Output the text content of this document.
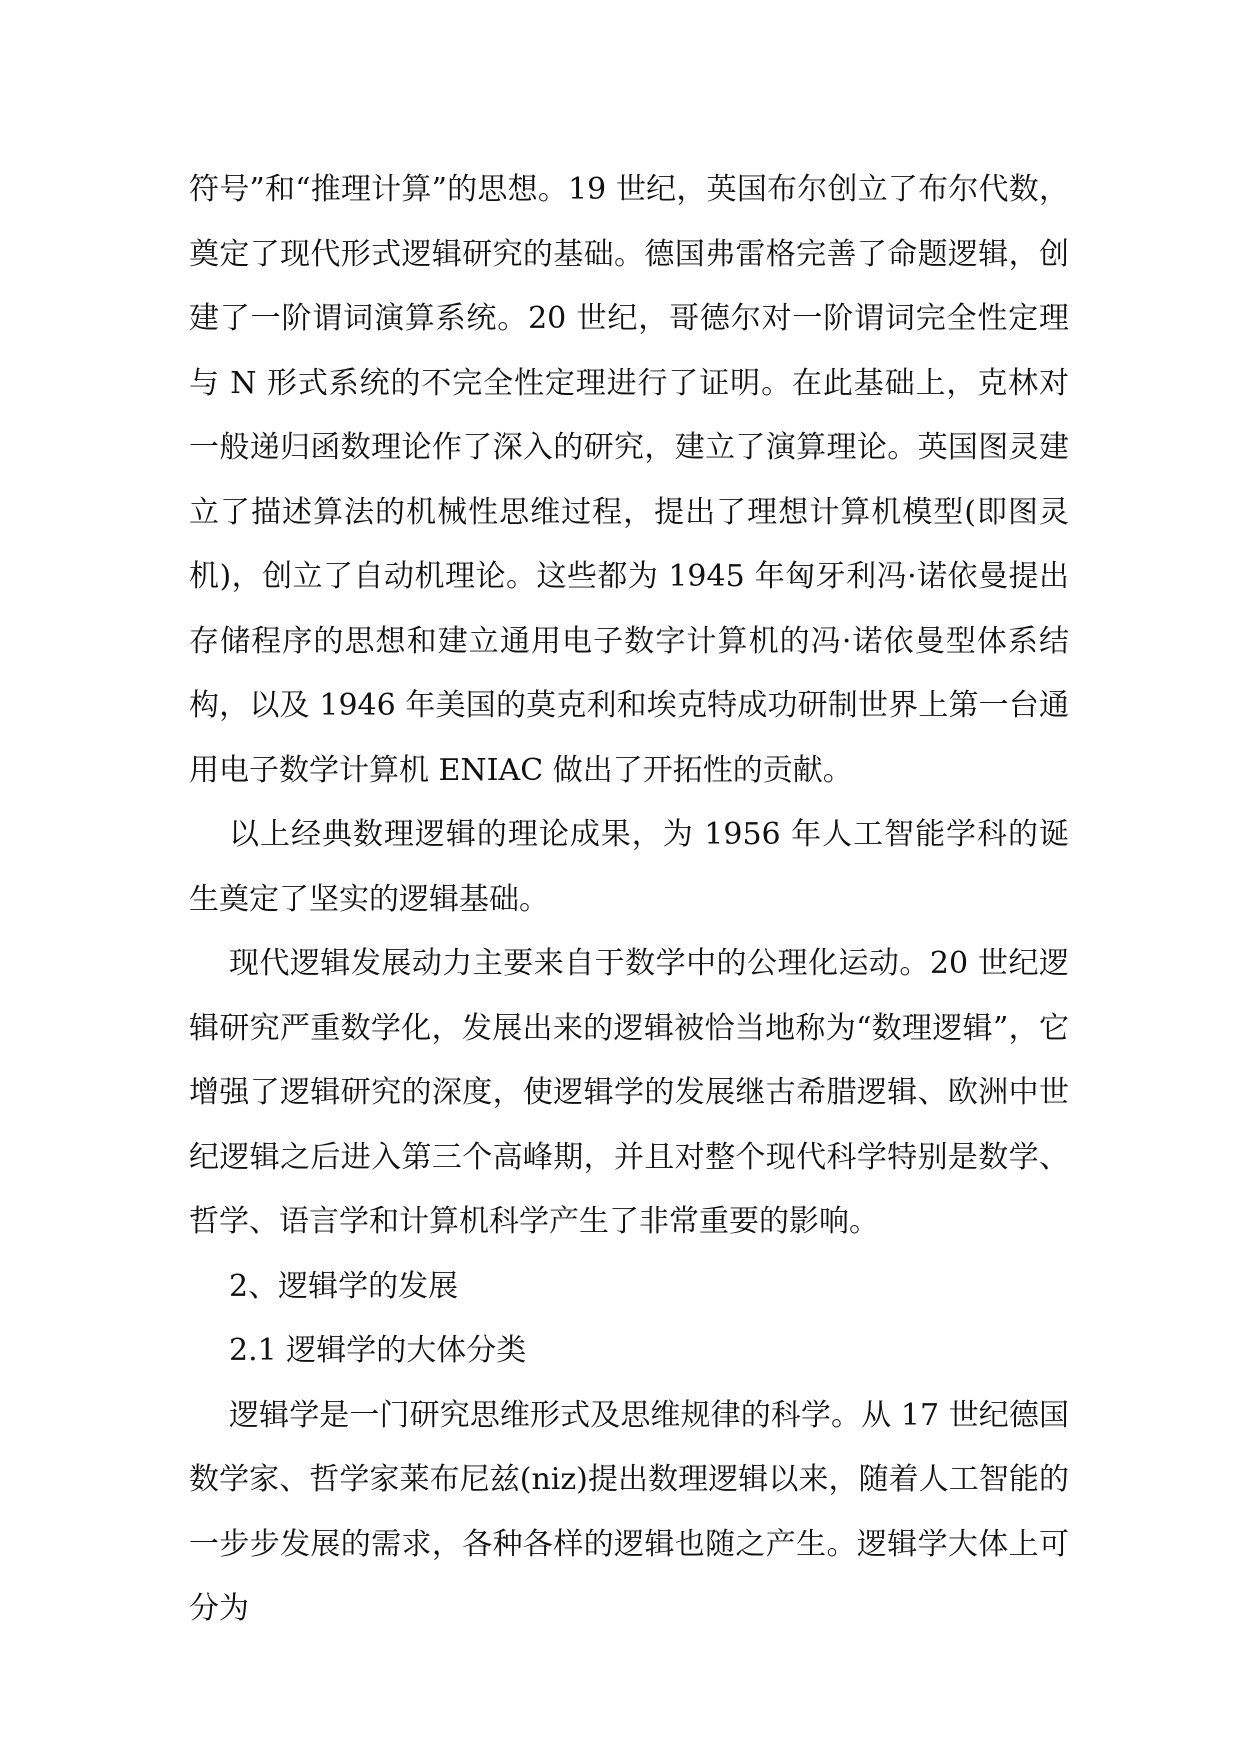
符号”和“推理计算”的思想。19 世纪，英国布尔创立了布尔代数，奠定了现代形式逻辑研究的基础。德国弗雷格完善了命题逻辑，创建了一阶谓词演算系统。20 世纪，哥德尔对一阶谓词完全性定理与 N 形式系统的不完全性定理进行了证明。在此基础上，克林对一般递归函数理论作了深入的研究，建立了演算理论。英国图灵建立了描述算法的机械性思维过程，提出了理想计算机模型(即图灵机)，创立了自动机理论。这些都为 1945 年匈牙利冯·诺依曼提出存储程序的思想和建立通用电子数字计算机的冯·诺依曼型体系结构，以及 1946 年美国的莫克利和埃克特成功研制世界上第一台通用电子数学计算机 ENIAC 做出了开拓性的贡献。

以上经典数理逻辑的理论成果，为 1956 年人工智能学科的诞生奠定了坚实的逻辑基础。

现代逻辑发展动力主要来自于数学中的公理化运动。20 世纪逻辑研究严重数学化，发展出来的逻辑被恰当地称为“数理逻辑”，它增强了逻辑研究的深度，使逻辑学的发展继古希腊逻辑、欧洲中世纪逻辑之后进入第三个高峰期，并且对整个现代科学特别是数学、哲学、语言学和计算机科学产生了非常重要的影响。

2、逻辑学的发展

2.1 逻辑学的大体分类

逻辑学是一门研究思维形式及思维规律的科学。从 17 世纪德国数学家、哲学家莱布尼兹(niz)提出数理逻辑以来，随着人工智能的一步步发展的需求，各种各样的逻辑也随之产生。逻辑学大体上可分为
